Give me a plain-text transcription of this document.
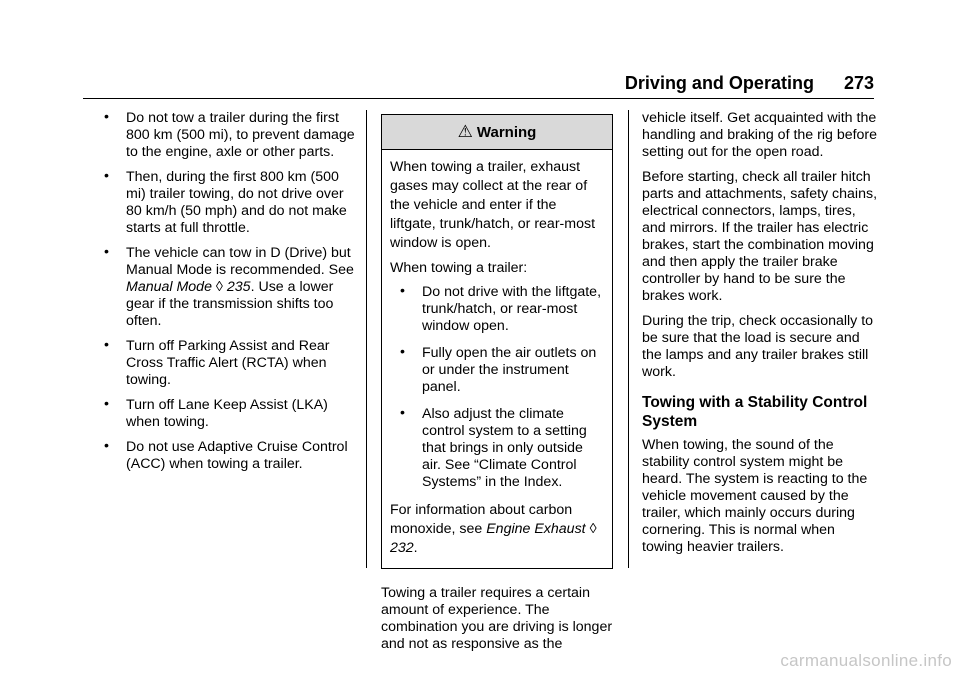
Driving and Operating 273
• Do not tow a trailer during the first 800 km (500 mi), to prevent damage to the engine, axle or other parts.
• Then, during the first 800 km (500 mi) trailer towing, do not drive over 80 km/h (50 mph) and do not make starts at full throttle.
• The vehicle can tow in D (Drive) but Manual Mode is recommended. See Manual Mode ◊ 235. Use a lower gear if the transmission shifts too often.
• Turn off Parking Assist and Rear Cross Traffic Alert (RCTA) when towing.
• Turn off Lane Keep Assist (LKA) when towing.
• Do not use Adaptive Cruise Control (ACC) when towing a trailer.
⚠ Warning

When towing a trailer, exhaust gases may collect at the rear of the vehicle and enter if the liftgate, trunk/hatch, or rear-most window is open.

When towing a trailer:

• Do not drive with the liftgate, trunk/hatch, or rear-most window open.
• Fully open the air outlets on or under the instrument panel.
• Also adjust the climate control system to a setting that brings in only outside air. See “Climate Control Systems” in the Index.

For information about carbon monoxide, see Engine Exhaust ◊ 232.

Towing a trailer requires a certain amount of experience. The combination you are driving is longer and not as responsive as the

vehicle itself. Get acquainted with the handling and braking of the rig before setting out for the open road.

Before starting, check all trailer hitch parts and attachments, safety chains, electrical connectors, lamps, tires, and mirrors. If the trailer has electric brakes, start the combination moving and then apply the trailer brake controller by hand to be sure the brakes work.

During the trip, check occasionally to be sure that the load is secure and the lamps and any trailer brakes still work.

Towing with a Stability Control System

When towing, the sound of the stability control system might be heard. The system is reacting to the vehicle movement caused by the trailer, which mainly occurs during cornering. This is normal when towing heavier trailers.

carmanualsonline.info
